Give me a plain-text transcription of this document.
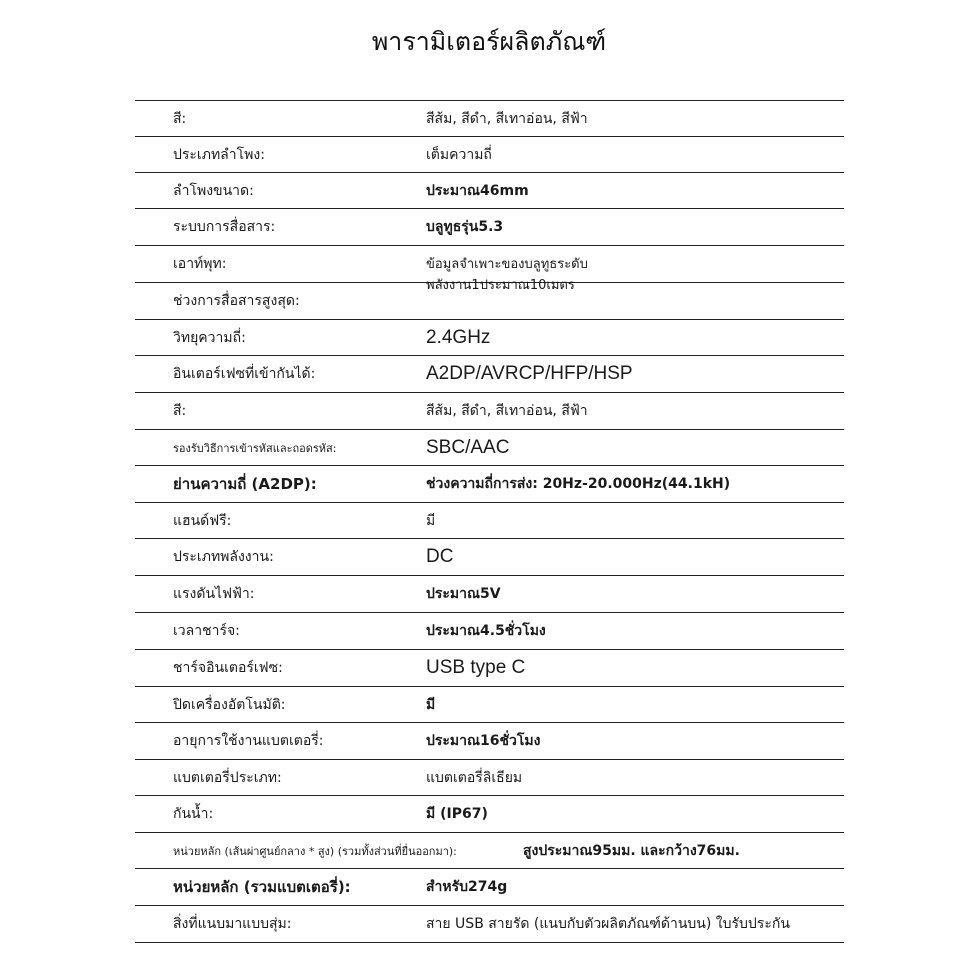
พารามิเตอร์ผลิตภัณฑ์
สี:	สีส้ม, สีดำ, สีเทาอ่อน, สีฟ้า
ประเภทลำโพง:	เต็มความถี่
ลำโพงขนาด:	ประมาณ46mm
ระบบการสื่อสาร:	บลูทูธรุ่น5.3
เอาท์พุท:	ข้อมูลจำเพาะของบลูทูธระดับพลังงาน1ประมาณ10เมตร
ช่วงการสื่อสารสูงสุด:
วิทยุความถี่:	2.4GHz
อินเตอร์เฟซที่เข้ากันได้:	A2DP/AVRCP/HFP/HSP
สี:	สีส้ม, สีดำ, สีเทาอ่อน, สีฟ้า
รองรับวิธีการเข้ารหัสและถอดรหัส:	SBC/AAC
ย่านความถี่ (A2DP):	ช่วงความถี่การส่ง: 20Hz-20.000Hz(44.1kH)
แฮนด์ฟรี:	มี
ประเภทพลังงาน:	DC
แรงดันไฟฟ้า:	ประมาณ5V
เวลาชาร์จ:	ประมาณ4.5ชั่วโมง
ชาร์จอินเตอร์เฟซ:	USB type C
ปิดเครื่องอัตโนมัติ:	มี
อายุการใช้งานแบตเตอรี่:	ประมาณ16ชั่วโมง
แบตเตอรี่ประเภท:	แบตเตอรี่ลิเธียม
กันน้ำ:	มี (IP67)
หน่วยหลัก (เส้นผ่าศูนย์กลาง * สูง) (รวมทั้งส่วนที่ยื่นออกมา):	สูงประมาณ95มม. และกว้าง76มม.
หน่วยหลัก (รวมแบตเตอรี่):	สำหรับ274g
สิ่งที่แนบมาแบบสุ่ม:	สาย USB สายรัด (แนบกับตัวผลิตภัณฑ์ด้านบน) ใบรับประกัน
